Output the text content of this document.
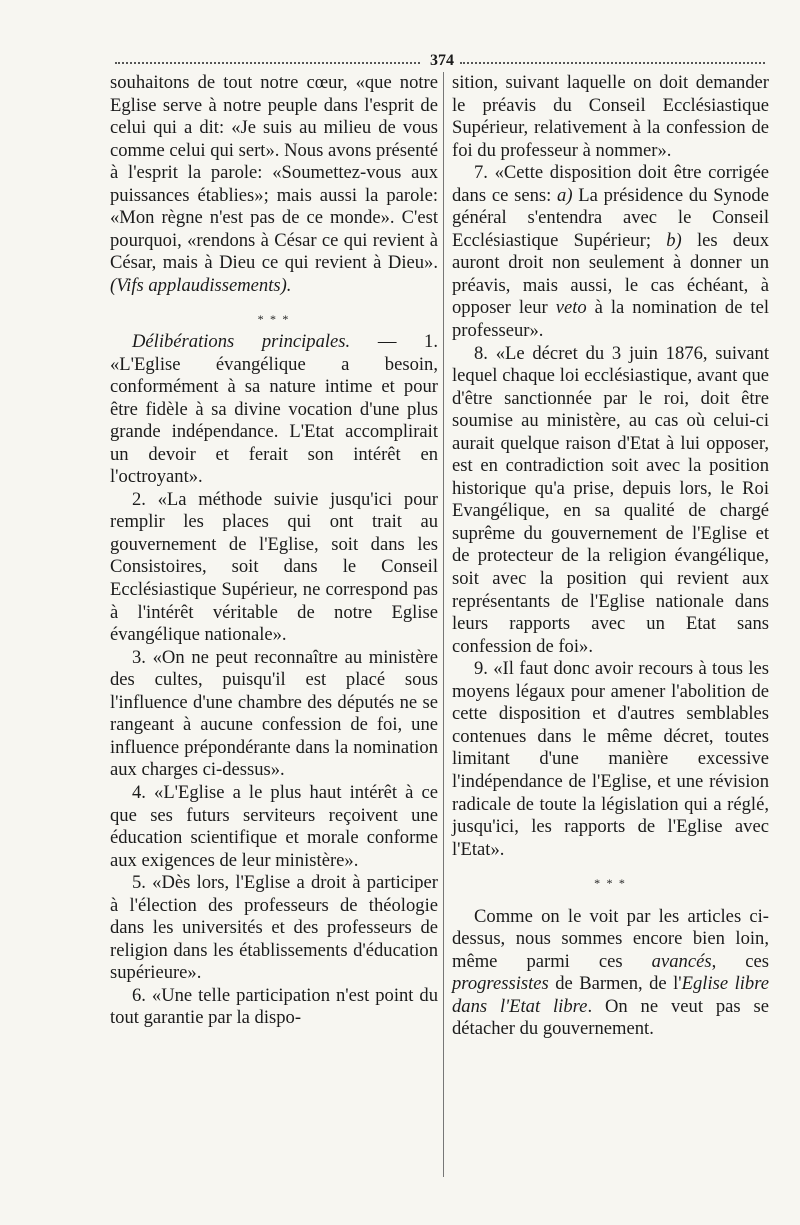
374

souhaitons de tout notre cœur, «que notre Eglise serve à notre peuple dans l'esprit de celui qui a dit: «Je suis au milieu de vous comme celui qui sert». Nous avons présenté à l'esprit la parole: «Soumettez-vous aux puissances établies»; mais aussi la parole: «Mon règne n'est pas de ce monde». C'est pourquoi, «rendons à César ce qui revient à César, mais à Dieu ce qui revient à Dieu». (Vifs applaudissements).

* * *

Délibérations principales. — 1. «L'Eglise évangélique a besoin, conformément à sa nature intime et pour être fidèle à sa divine vocation d'une plus grande indépendance. L'Etat accomplirait un devoir et ferait son intérêt en l'octroyant».

2. «La méthode suivie jusqu'ici pour remplir les places qui ont trait au gouvernement de l'Eglise, soit dans les Consistoires, soit dans le Conseil Ecclésiastique Supérieur, ne correspond pas à l'intérêt véritable de notre Eglise évangélique nationale».

3. «On ne peut reconnaître au ministère des cultes, puisqu'il est placé sous l'influence d'une chambre des députés ne se rangeant à aucune confession de foi, une influence prépondérante dans la nomination aux charges ci-dessus».

4. «L'Eglise a le plus haut intérêt à ce que ses futurs serviteurs reçoivent une éducation scientifique et morale conforme aux exigences de leur ministère».

5. «Dès lors, l'Eglise a droit à participer à l'élection des professeurs de théologie dans les universités et des professeurs de religion dans les établissements d'éducation supérieure».

6. «Une telle participation n'est point du tout garantie par la dispo-

sition, suivant laquelle on doit demander le préavis du Conseil Ecclésiastique Supérieur, relativement à la confession de foi du professeur à nommer».

7. «Cette disposition doit être corrigée dans ce sens: a) La présidence du Synode général s'entendra avec le Conseil Ecclésiastique Supérieur; b) les deux auront droit non seulement à donner un préavis, mais aussi, le cas échéant, à opposer leur veto à la nomination de tel professeur».

8. «Le décret du 3 juin 1876, suivant lequel chaque loi ecclésiastique, avant que d'être sanctionnée par le roi, doit être soumise au ministère, au cas où celui-ci aurait quelque raison d'Etat à lui opposer, est en contradiction soit avec la position historique qu'a prise, depuis lors, le Roi Evangélique, en sa qualité de chargé suprême du gouvernement de l'Eglise et de protecteur de la religion évangélique, soit avec la position qui revient aux représentants de l'Eglise nationale dans leurs rapports avec un Etat sans confession de foi».

9. «Il faut donc avoir recours à tous les moyens légaux pour amener l'abolition de cette disposition et d'autres semblables contenues dans le même décret, toutes limitant d'une manière excessive l'indépendance de l'Eglise, et une révision radicale de toute la législation qui a réglé, jusqu'ici, les rapports de l'Eglise avec l'Etat».

* * *

Comme on le voit par les articles ci-dessus, nous sommes encore bien loin, même parmi ces avancés, ces progressistes de Barmen, de l'Eglise libre dans l'Etat libre. On ne veut pas se détacher du gouvernement.
